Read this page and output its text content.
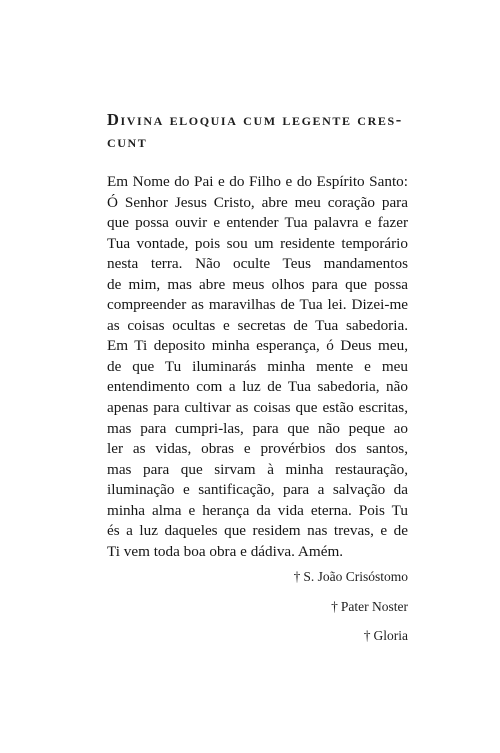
Divina eloquia cum legente cres-
cunt

Em Nome do Pai e do Filho e do Espírito Santo:
Ó Senhor Jesus Cristo, abre meu coração para
que possa ouvir e entender Tua palavra e fazer
Tua vontade, pois sou um residente temporário
nesta terra. Não oculte Teus mandamentos
de mim, mas abre meus olhos para que possa
compreender as maravilhas de Tua lei. Dizei-me
as coisas ocultas e secretas de Tua sabedoria.
Em Ti deposito minha esperança, ó Deus meu,
de que Tu iluminarás minha mente e meu
entendimento com a luz de Tua sabedoria, não
apenas para cultivar as coisas que estão escritas,
mas para cumpri-las, para que não peque ao
ler as vidas, obras e provérbios dos santos,
mas para que sirvam à minha restauração,
iluminação e santificação, para a salvação da
minha alma e herança da vida eterna. Pois Tu
és a luz daqueles que residem nas trevas, e de
Ti vem toda boa obra e dádiva. Amém.

† S. João Crisóstomo
† Pater Noster
† Gloria
